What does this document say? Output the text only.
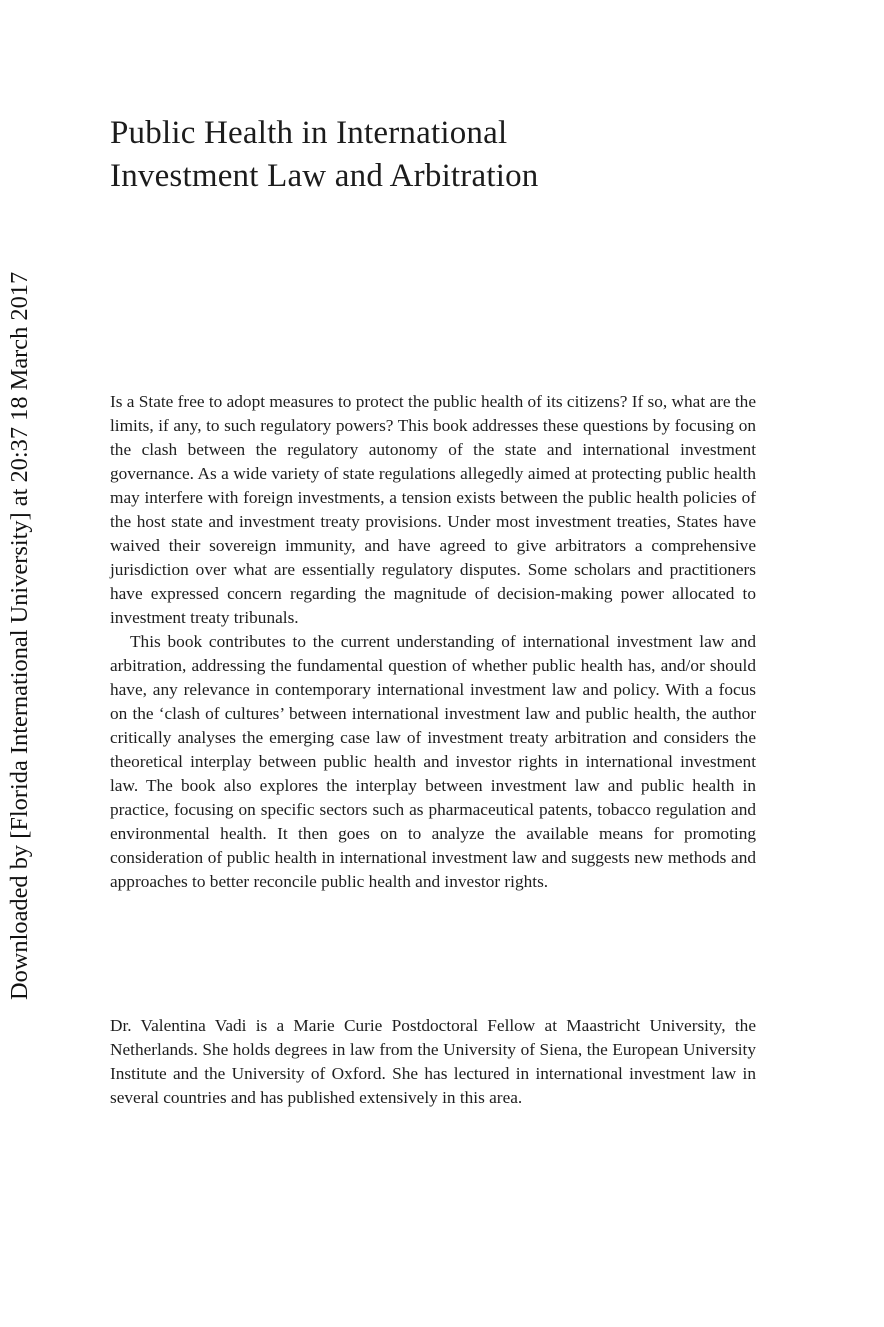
Public Health in International
Investment Law and Arbitration
Downloaded by [Florida International University] at 20:37 18 March 2017	Is a State free to adopt measures to protect the public health of its citizens? If so, what are the limits, if any, to such regulatory powers? This book addresses these questions by focusing on the clash between the regulatory autonomy of the state and international investment governance. As a wide variety of state regulations allegedly aimed at protecting public health may interfere with foreign investments, a tension exists between the public health policies of the host state and investment treaty provisions. Under most investment treaties, States have waived their sovereign immunity, and have agreed to give arbitrators a comprehensive jurisdiction over what are essentially regulatory disputes. Some scholars and practitioners have expressed concern regarding the magnitude of decision-making power allocated to investment treaty tribunals.

This book contributes to the current understanding of international investment law and arbitration, addressing the fundamental question of whether public health has, and/or should have, any relevance in contemporary international investment law and policy. With a focus on the ‘clash of cultures’ between international investment law and public health, the author critically analyses the emerging case law of investment treaty arbitration and considers the theoretical interplay between public health and investor rights in international investment law. The book also explores the interplay between investment law and public health in practice, focusing on specific sectors such as pharmaceutical patents, tobacco regulation and environmental health. It then goes on to analyze the available means for promoting consideration of public health in international investment law and suggests new methods and approaches to better reconcile public health and investor rights.

Dr. Valentina Vadi is a Marie Curie Postdoctoral Fellow at Maastricht University, the Netherlands. She holds degrees in law from the University of Siena, the European University Institute and the University of Oxford. She has lectured in international investment law in several countries and has published extensively in this area.
